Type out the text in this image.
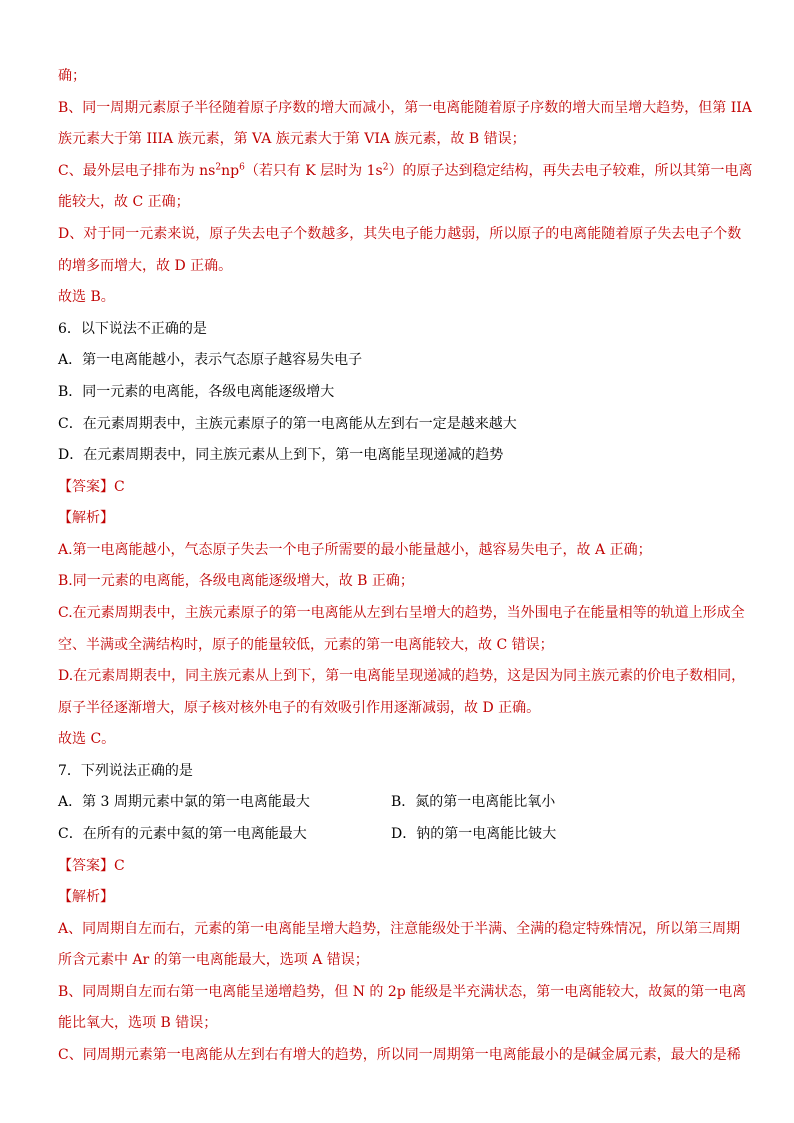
确；
B、同一周期元素原子半径随着原子序数的增大而减小，第一电离能随着原子序数的增大而呈增大趋势，但第 IIA
族元素大于第 IIIA 族元素，第 VA 族元素大于第 VIA 族元素，故 B 错误；
C、最外层电子排布为 $ns^2np^6$（若只有 K 层时为 $1s^2$）的原子达到稳定结构，再失去电子较难，所以其第一电离
能较大，故 C 正确；
D、对于同一元素来说，原子失去电子个数越多，其失电子能力越弱，所以原子的电离能随着原子失去电子个数
的增多而增大，故 D 正确。
故选 B。
6．以下说法不正确的是
A．第一电离能越小，表示气态原子越容易失电子
B．同一元素的电离能，各级电离能逐级增大
C．在元素周期表中，主族元素原子的第一电离能从左到右一定是越来越大
D．在元素周期表中，同主族元素从上到下，第一电离能呈现递减的趋势
【答案】C
【解析】
A.第一电离能越小，气态原子失去一个电子所需要的最小能量越小，越容易失电子，故 A 正确；
B.同一元素的电离能，各级电离能逐级增大，故 B 正确；
C.在元素周期表中，主族元素原子的第一电离能从左到右呈增大的趋势，当外围电子在能量相等的轨道上形成全
空、半满或全满结构时，原子的能量较低，元素的第一电离能较大，故 C 错误；
D.在元素周期表中，同主族元素从上到下，第一电离能呈现递减的趋势，这是因为同主族元素的价电子数相同，
原子半径逐渐增大，原子核对核外电子的有效吸引作用逐渐减弱，故 D 正确。
故选 C。
7．下列说法正确的是
A．第 3 周期元素中氯的第一电离能最大	B．氮的第一电离能比氧小
C．在所有的元素中氦的第一电离能最大	D．钠的第一电离能比铍大
【答案】C
【解析】
A、同周期自左而右，元素的第一电离能呈增大趋势，注意能级处于半满、全满的稳定特殊情况，所以第三周期
所含元素中 Ar 的第一电离能最大，选项 A 错误；
B、同周期自左而右第一电离能呈递增趋势，但 N 的 2p 能级是半充满状态，第一电离能较大，故氮的第一电离
能比氧大，选项 B 错误；
C、同周期元素第一电离能从左到右有增大的趋势，所以同一周期第一电离能最小的是碱金属元素，最大的是稀
